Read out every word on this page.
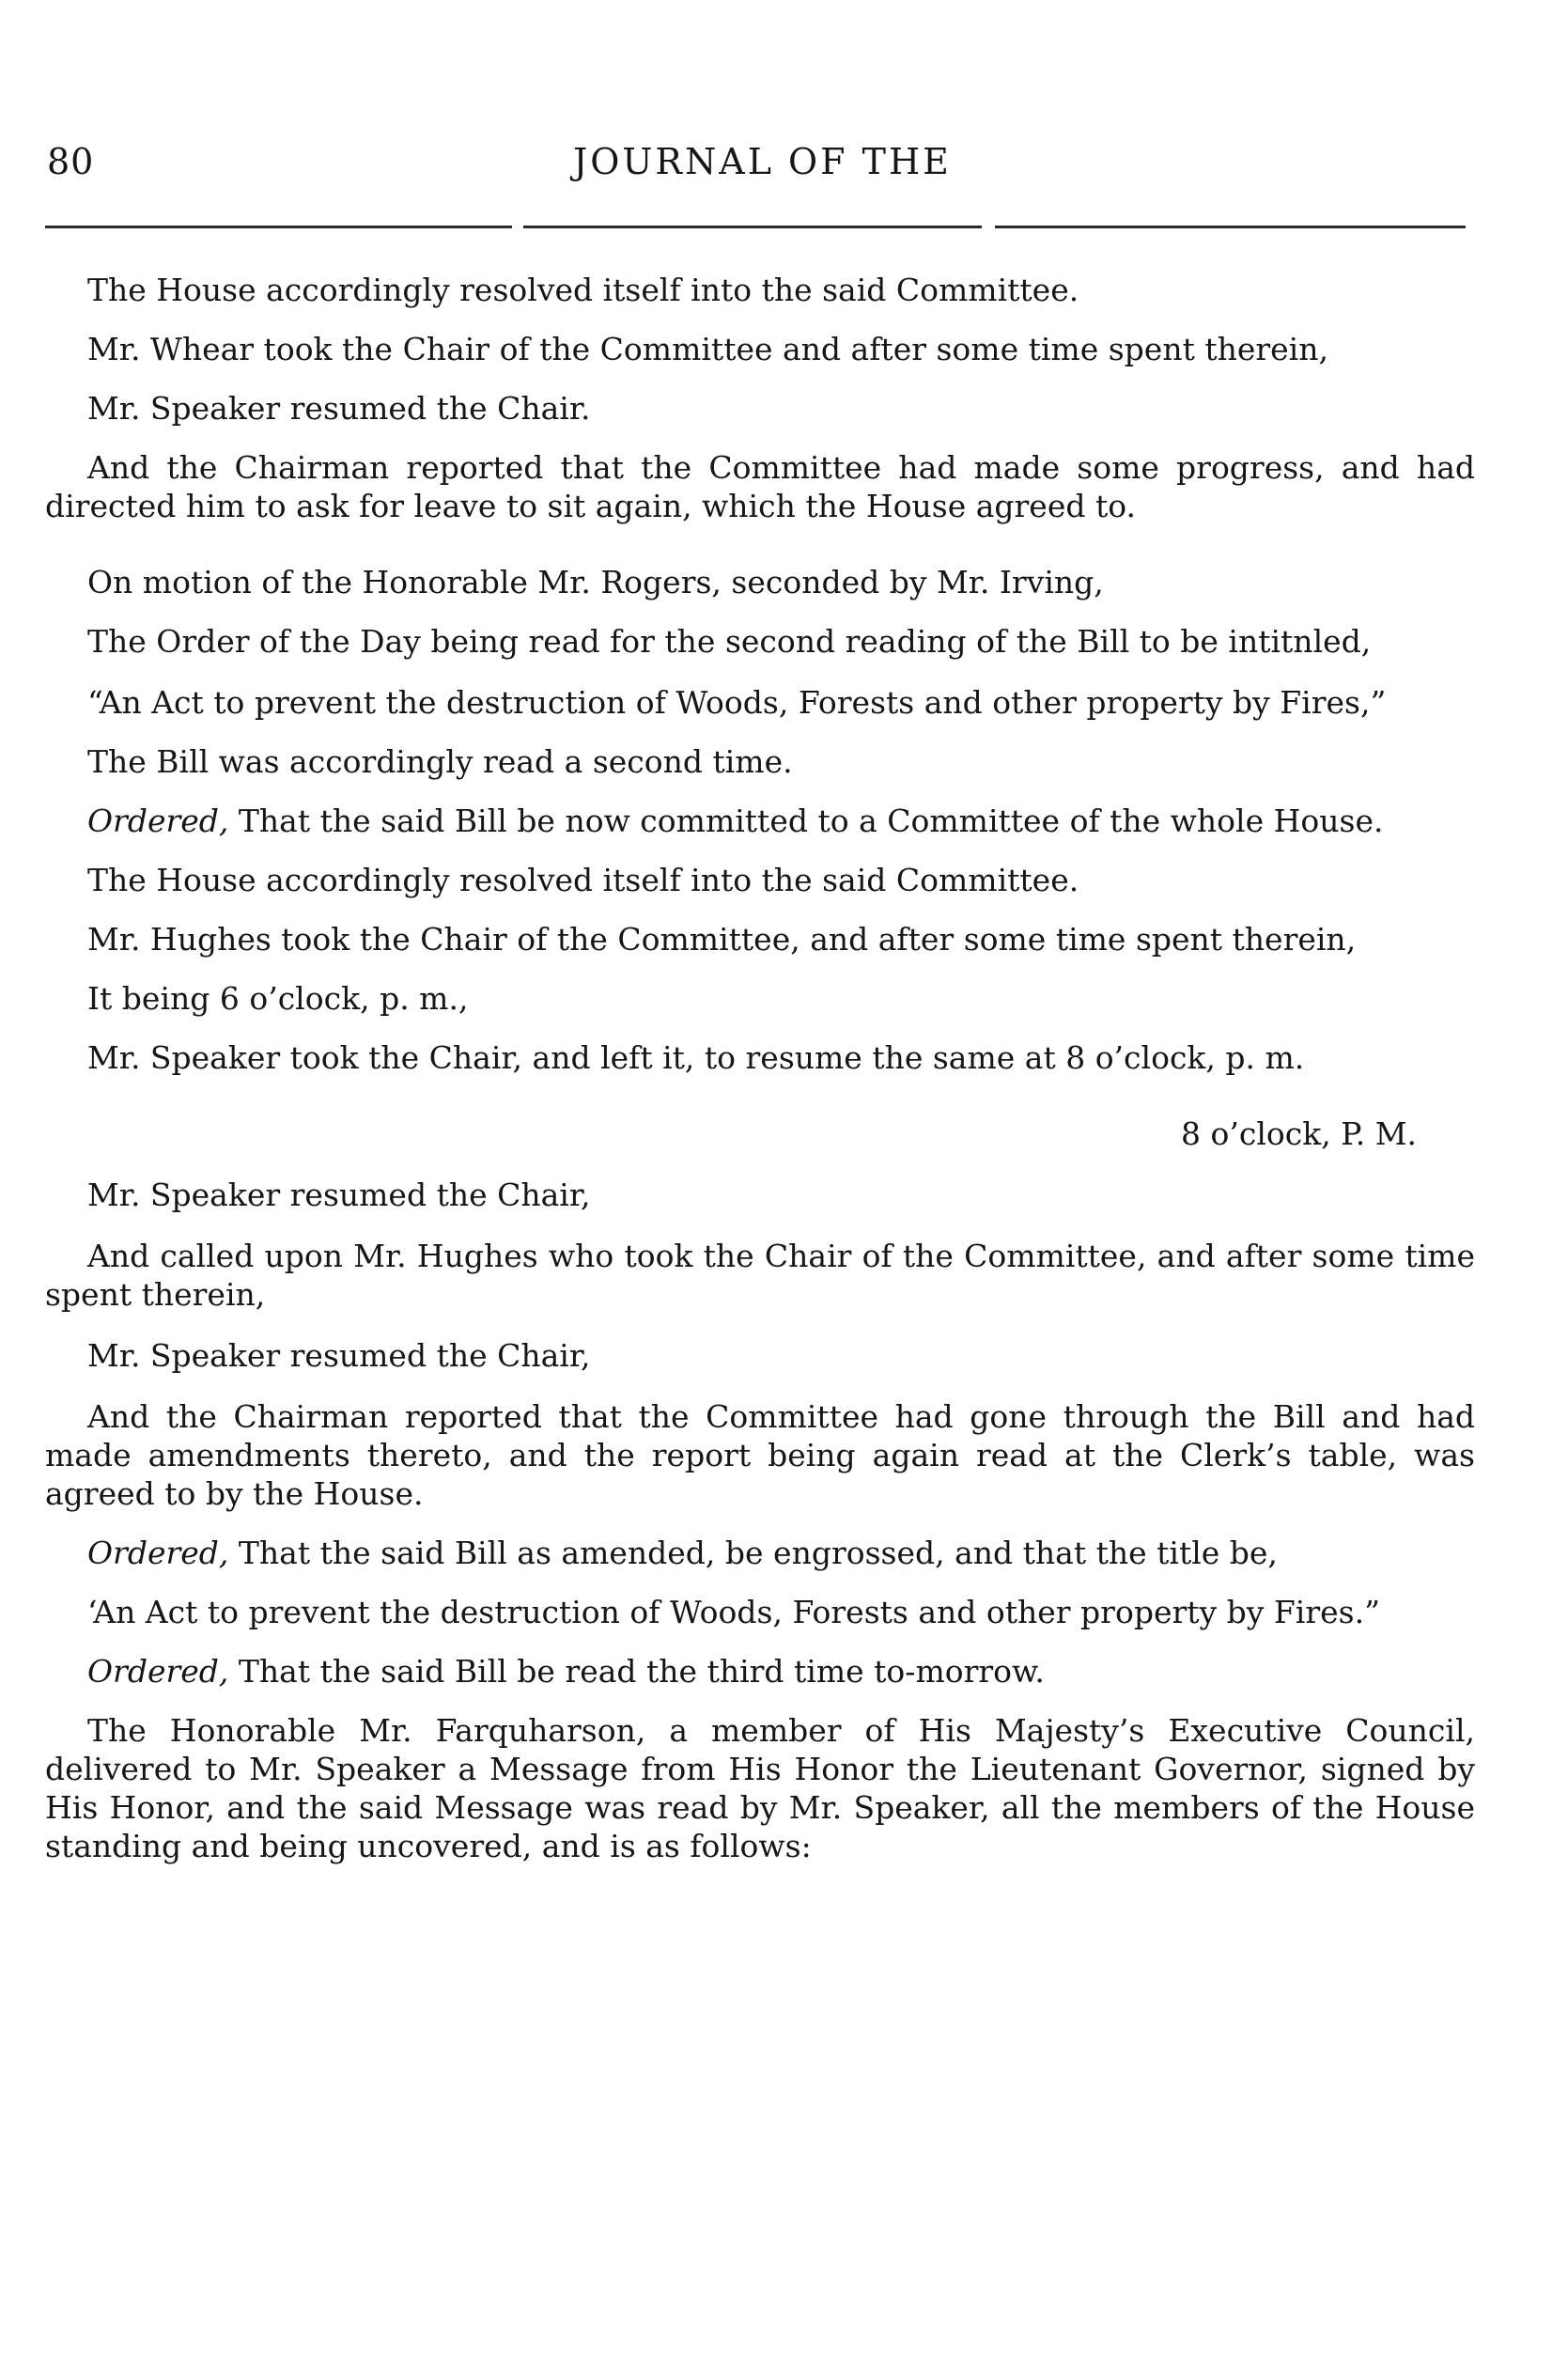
80	JOURNAL OF THE

The House accordingly resolved itself into the said Committee.

Mr. Whear took the Chair of the Committee and after some time spent therein,

Mr. Speaker resumed the Chair.

And the Chairman reported that the Committee had made some progress, and had directed him to ask for leave to sit again, which the House agreed to.

On motion of the Honorable Mr. Rogers, seconded by Mr. Irving,

The Order of the Day being read for the second reading of the Bill to be intitnled,

“An Act to prevent the destruction of Woods, Forests and other property by Fires,”

The Bill was accordingly read a second time.

Ordered, That the said Bill be now committed to a Committee of the whole House.

The House accordingly resolved itself into the said Committee.

Mr. Hughes took the Chair of the Committee, and after some time spent therein,

It being 6 o’clock, p. m.,

Mr. Speaker took the Chair, and left it, to resume the same at 8 o’clock, p. m.

8 o’clock, P. M.

Mr. Speaker resumed the Chair,

And called upon Mr. Hughes who took the Chair of the Committee, and after some time spent therein,

Mr. Speaker resumed the Chair,

And the Chairman reported that the Committee had gone through the Bill and had made amendments thereto, and the report being again read at the Clerk’s table, was agreed to by the House.

Ordered, That the said Bill as amended, be engrossed, and that the title be,

‘An Act to prevent the destruction of Woods, Forests and other property by Fires.”

Ordered, That the said Bill be read the third time to-morrow.

The Honorable Mr. Farquharson, a member of His Majesty’s Executive Council, delivered to Mr. Speaker a Message from His Honor the Lieutenant Governor, signed by His Honor, and the said Message was read by Mr. Speaker, all the members of the House standing and being uncovered, and is as follows:
